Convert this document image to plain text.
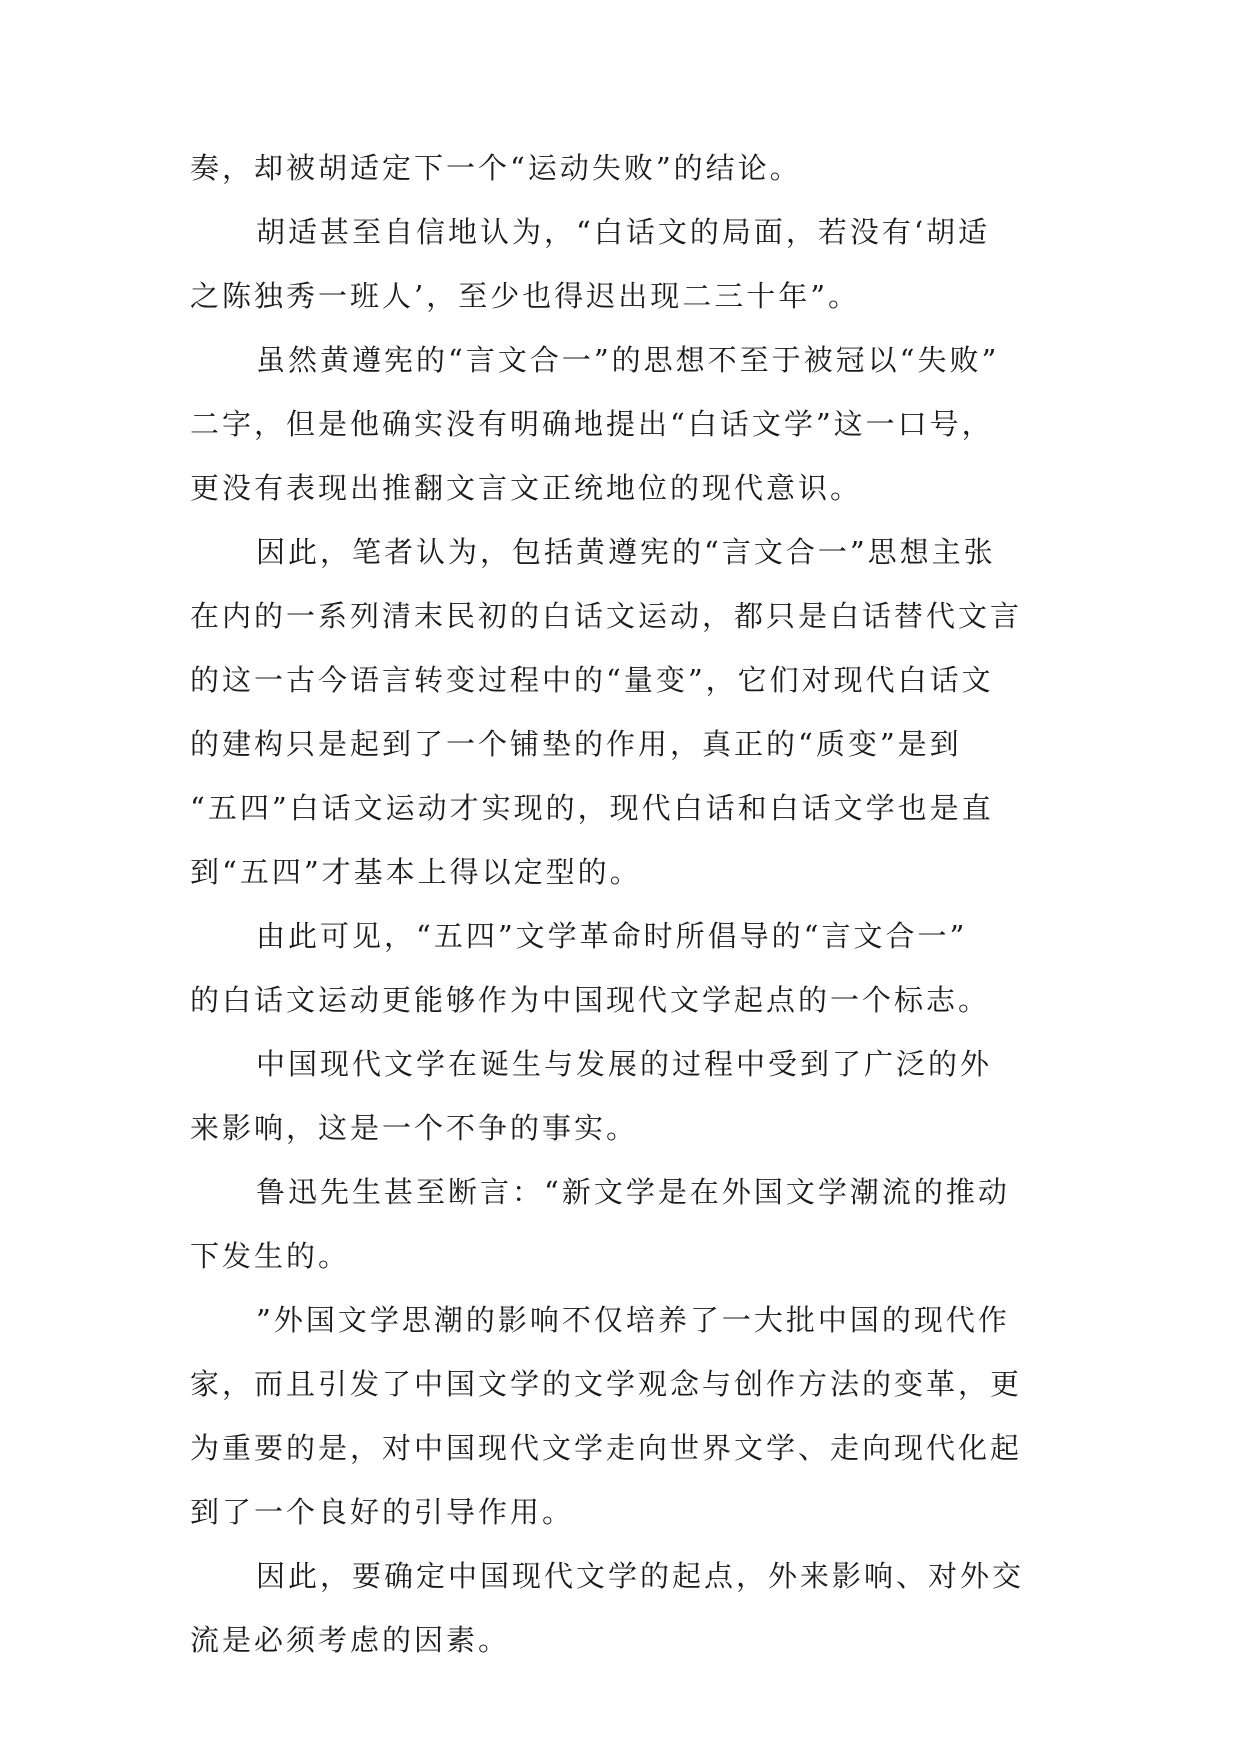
奏，却被胡适定下一个“运动失败”的结论。
胡适甚至自信地认为，“白话文的局面，若没有‘胡适
之陈独秀一班人’，至少也得迟出现二三十年”。
虽然黄遵宪的“言文合一”的思想不至于被冠以“失败”
二字，但是他确实没有明确地提出“白话文学”这一口号，
更没有表现出推翻文言文正统地位的现代意识。
因此，笔者认为，包括黄遵宪的“言文合一”思想主张
在内的一系列清末民初的白话文运动，都只是白话替代文言
的这一古今语言转变过程中的“量变”，它们对现代白话文
的建构只是起到了一个铺垫的作用，真正的“质变”是到
“五四”白话文运动才实现的，现代白话和白话文学也是直
到“五四”才基本上得以定型的。
由此可见，“五四”文学革命时所倡导的“言文合一”
的白话文运动更能够作为中国现代文学起点的一个标志。
中国现代文学在诞生与发展的过程中受到了广泛的外
来影响，这是一个不争的事实。
鲁迅先生甚至断言：“新文学是在外国文学潮流的推动
下发生的。
”外国文学思潮的影响不仅培养了一大批中国的现代作
家，而且引发了中国文学的文学观念与创作方法的变革，更
为重要的是，对中国现代文学走向世界文学、走向现代化起
到了一个良好的引导作用。
因此，要确定中国现代文学的起点，外来影响、对外交
流是必须考虑的因素。
